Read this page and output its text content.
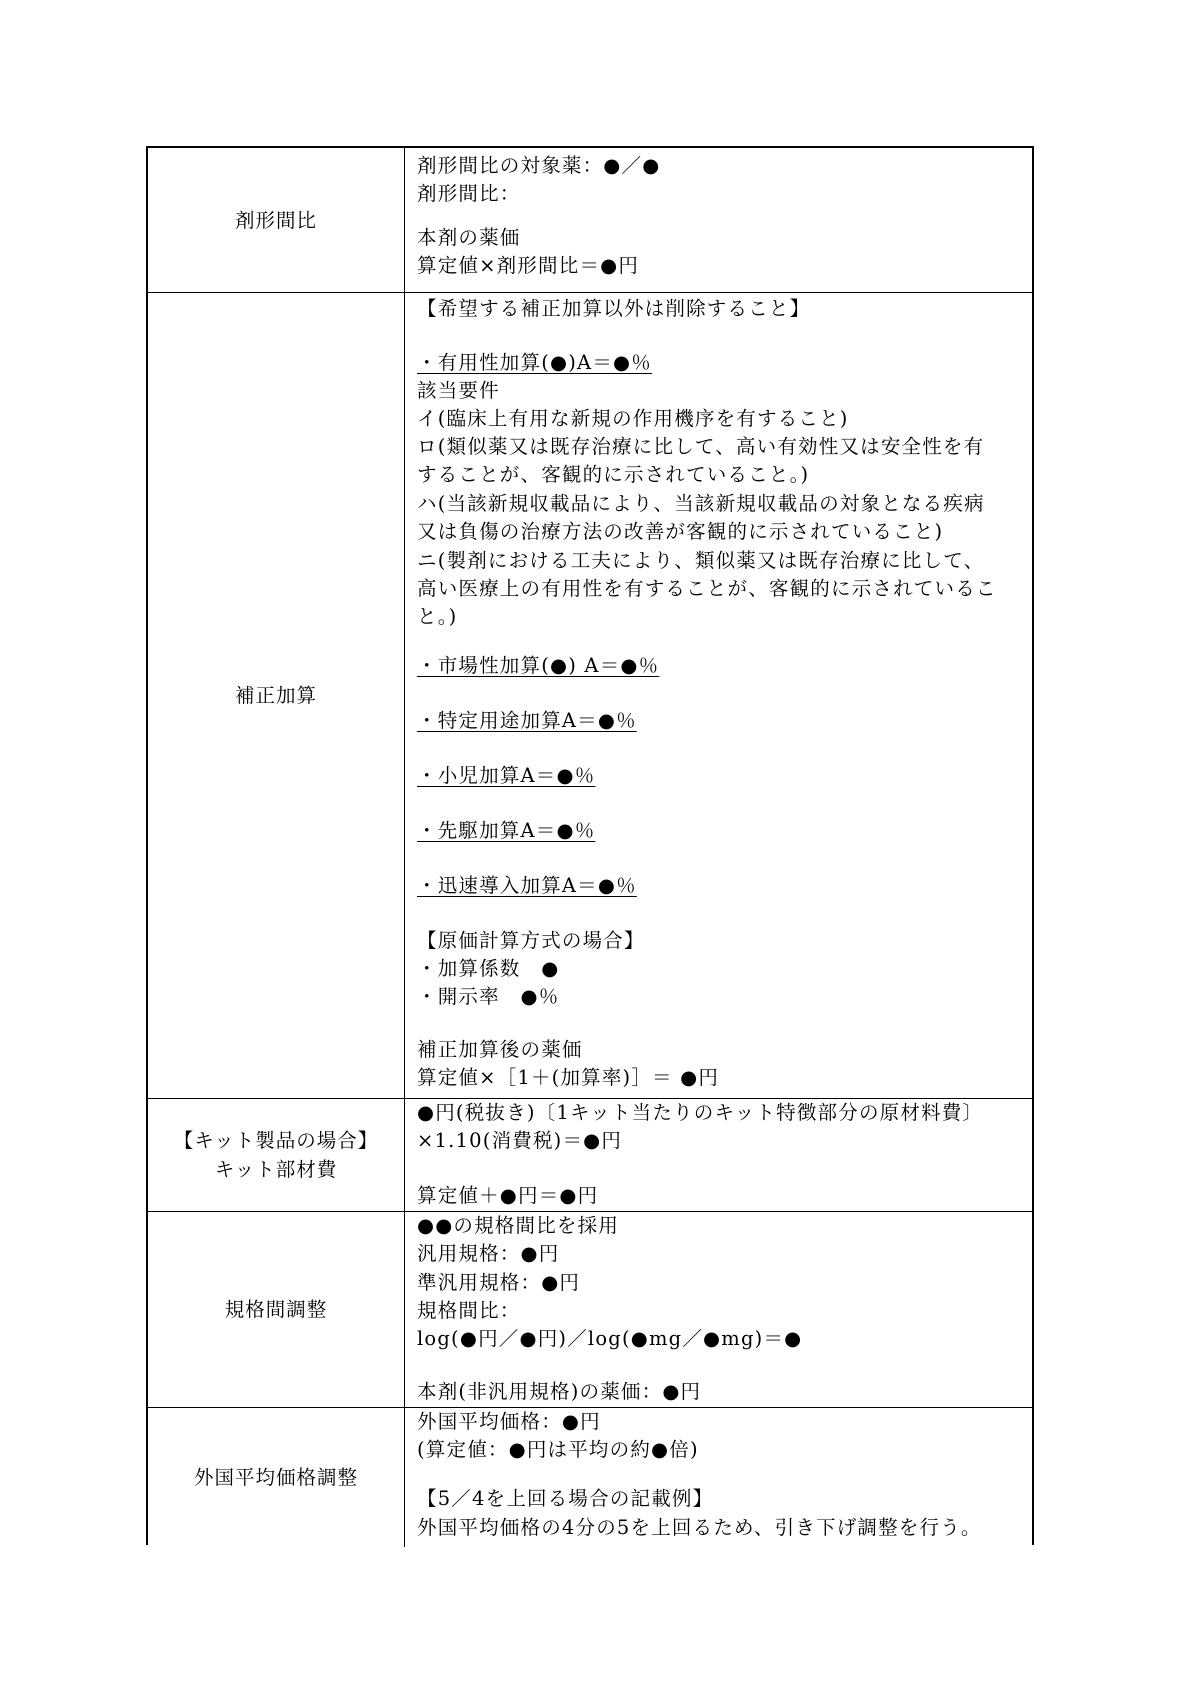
剤形間比
剤形間比の対象薬：●／●
剤形間比：
本剤の薬価
算定値×剤形間比＝●円
補正加算
【希望する補正加算以外は削除すること】
・有用性加算(●)A＝●％
該当要件
イ(臨床上有用な新規の作用機序を有すること)
ロ(類似薬又は既存治療に比して、高い有効性又は安全性を有
することが、客観的に示されていること。)
ハ(当該新規収載品により、当該新規収載品の対象となる疾病
又は負傷の治療方法の改善が客観的に示されていること)
ニ(製剤における工夫により、類似薬又は既存治療に比して、
高い医療上の有用性を有することが、客観的に示されているこ
と。)
・市場性加算(●) A＝●％
・特定用途加算A＝●％
・小児加算A＝●％
・先駆加算A＝●％
・迅速導入加算A＝●％
【原価計算方式の場合】
・加算係数　●
・開示率　●％
補正加算後の薬価
算定値×［1＋(加算率)］＝ ●円
【キット製品の場合】
キット部材費
●円(税抜き)〔1キット当たりのキット特徴部分の原材料費〕
×1.10(消費税)＝●円
算定値＋●円＝●円
規格間調整
●●の規格間比を採用
汎用規格：●円
準汎用規格：●円
規格間比：
log(●円／●円)／log(●mg／●mg)＝●
本剤(非汎用規格)の薬価：●円
外国平均価格調整
外国平均価格：●円
(算定値：●円は平均の約●倍)
【5／4を上回る場合の記載例】
外国平均価格の4分の5を上回るため、引き下げ調整を行う。
